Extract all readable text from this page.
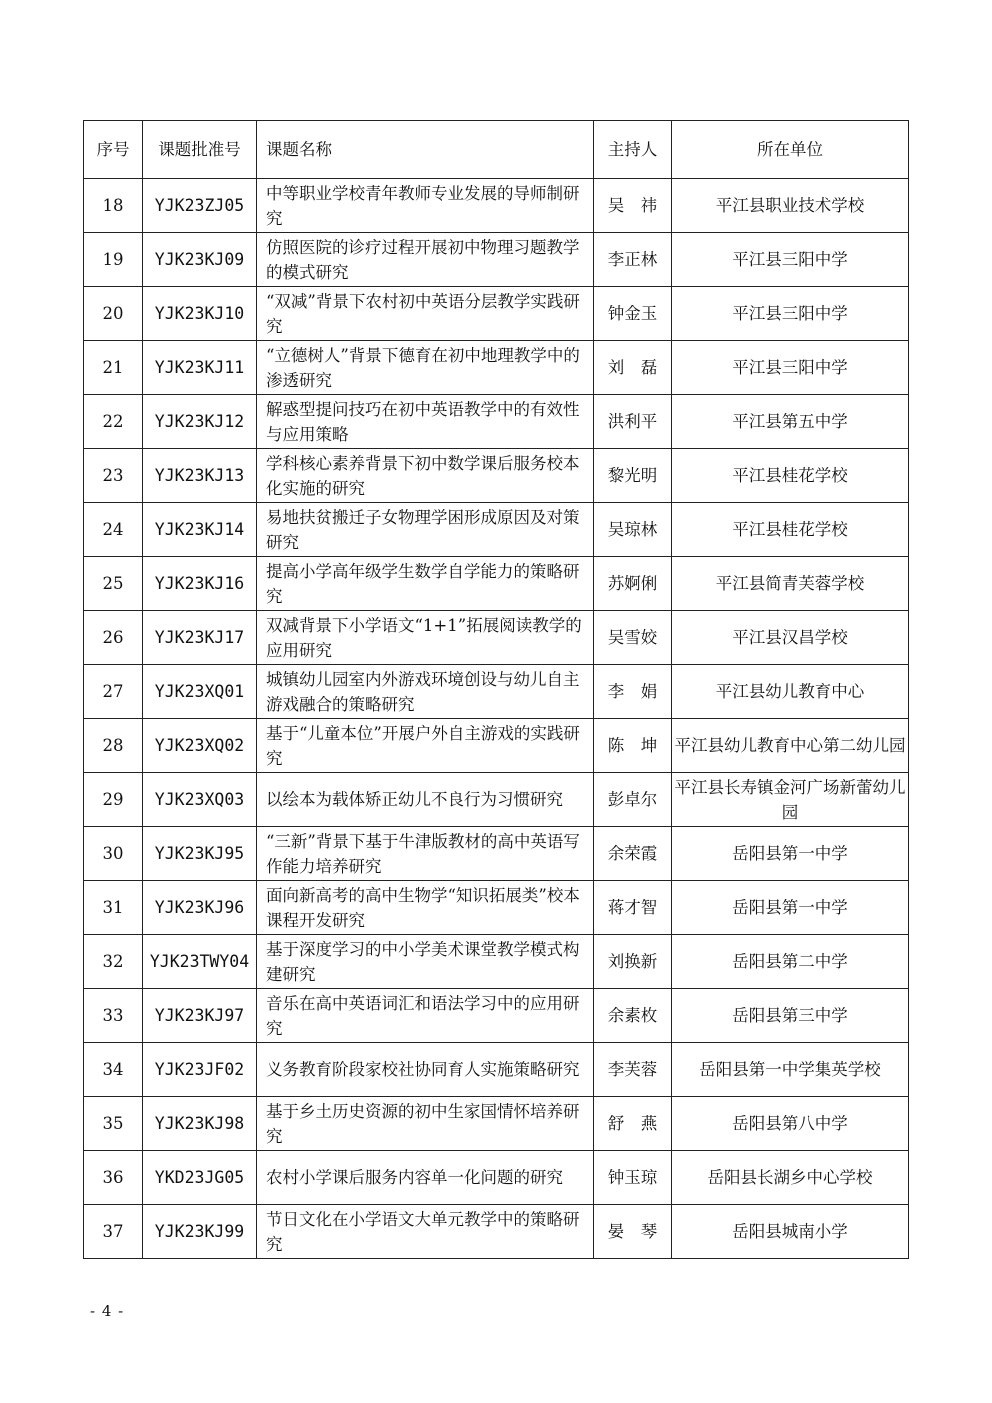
序号	课题批准号	课题名称	主持人	所在单位
18	YJK23ZJ05	中等职业学校青年教师专业发展的导师制研究	吴　祎	平江县职业技术学校
19	YJK23KJ09	仿照医院的诊疗过程开展初中物理习题教学的模式研究	李正林	平江县三阳中学
20	YJK23KJ10	“双减”背景下农村初中英语分层教学实践研究	钟金玉	平江县三阳中学
21	YJK23KJ11	“立德树人”背景下德育在初中地理教学中的渗透研究	刘　磊	平江县三阳中学
22	YJK23KJ12	解惑型提问技巧在初中英语教学中的有效性与应用策略	洪利平	平江县第五中学
23	YJK23KJ13	学科核心素养背景下初中数学课后服务校本化实施的研究	黎光明	平江县桂花学校
24	YJK23KJ14	易地扶贫搬迁子女物理学困形成原因及对策研究	吴琼林	平江县桂花学校
25	YJK23KJ16	提高小学高年级学生数学自学能力的策略研究	苏婀俐	平江县简青芙蓉学校
26	YJK23KJ17	双减背景下小学语文“1+1”拓展阅读教学的应用研究	吴雪姣	平江县汉昌学校
27	YJK23XQ01	城镇幼儿园室内外游戏环境创设与幼儿自主游戏融合的策略研究	李　娟	平江县幼儿教育中心
28	YJK23XQ02	基于“儿童本位”开展户外自主游戏的实践研究	陈　坤	平江县幼儿教育中心第二幼儿园
29	YJK23XQ03	以绘本为载体矫正幼儿不良行为习惯研究	彭卓尔	平江县长寿镇金河广场新蕾幼儿园
30	YJK23KJ95	“三新”背景下基于牛津版教材的高中英语写作能力培养研究	余荣霞	岳阳县第一中学
31	YJK23KJ96	面向新高考的高中生物学“知识拓展类”校本课程开发研究	蒋才智	岳阳县第一中学
32	YJK23TWY04	基于深度学习的中小学美术课堂教学模式构建研究	刘换新	岳阳县第二中学
33	YJK23KJ97	音乐在高中英语词汇和语法学习中的应用研究	余素枚	岳阳县第三中学
34	YJK23JF02	义务教育阶段家校社协同育人实施策略研究	李芙蓉	岳阳县第一中学集英学校
35	YJK23KJ98	基于乡土历史资源的初中生家国情怀培养研究	舒　燕	岳阳县第八中学
36	YKD23JG05	农村小学课后服务内容单一化问题的研究	钟玉琼	岳阳县长湖乡中心学校
37	YJK23KJ99	节日文化在小学语文大单元教学中的策略研究	晏　琴	岳阳县城南小学
- 4 -
